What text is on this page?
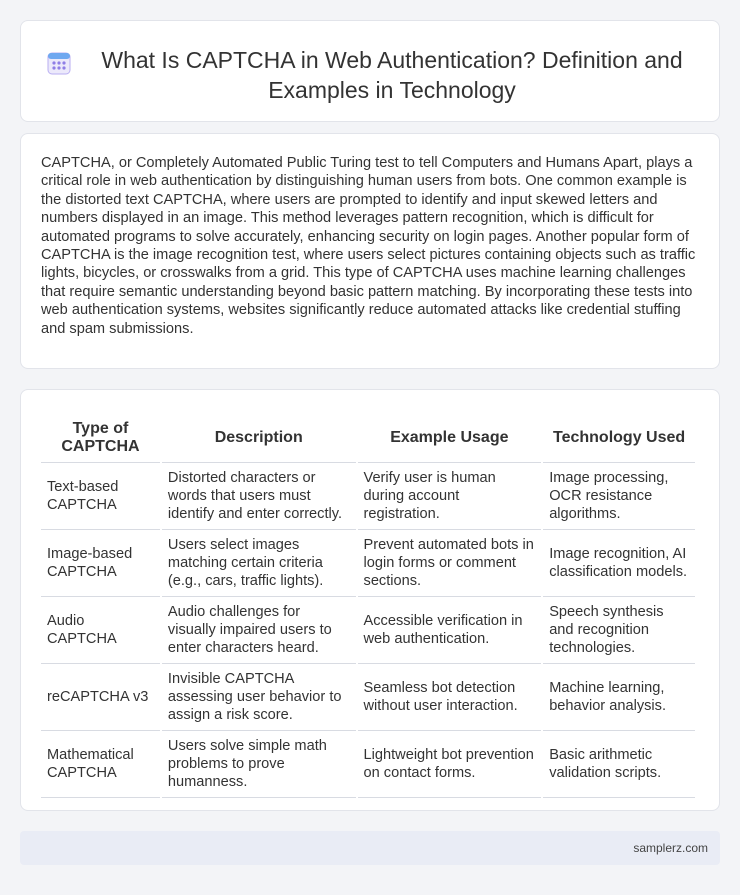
What Is CAPTCHA in Web Authentication? Definition and Examples in Technology

CAPTCHA, or Completely Automated Public Turing test to tell Computers and Humans Apart, plays a critical role in web authentication by distinguishing human users from bots. One common example is the distorted text CAPTCHA, where users are prompted to identify and input skewed letters and numbers displayed in an image. This method leverages pattern recognition, which is difficult for automated programs to solve accurately, enhancing security on login pages. Another popular form of CAPTCHA is the image recognition test, where users select pictures containing objects such as traffic lights, bicycles, or crosswalks from a grid. This type of CAPTCHA uses machine learning challenges that require semantic understanding beyond basic pattern matching. By incorporating these tests into web authentication systems, websites significantly reduce automated attacks like credential stuffing and spam submissions.

Type of CAPTCHA	Description	Example Usage	Technology Used
Text-based CAPTCHA	Distorted characters or words that users must identify and enter correctly.	Verify user is human during account registration.	Image processing, OCR resistance algorithms.
Image-based CAPTCHA	Users select images matching certain criteria (e.g., cars, traffic lights).	Prevent automated bots in login forms or comment sections.	Image recognition, AI classification models.
Audio CAPTCHA	Audio challenges for visually impaired users to enter characters heard.	Accessible verification in web authentication.	Speech synthesis and recognition technologies.
reCAPTCHA v3	Invisible CAPTCHA assessing user behavior to assign a risk score.	Seamless bot detection without user interaction.	Machine learning, behavior analysis.
Mathematical CAPTCHA	Users solve simple math problems to prove humanness.	Lightweight bot prevention on contact forms.	Basic arithmetic validation scripts.
samplerz.com
